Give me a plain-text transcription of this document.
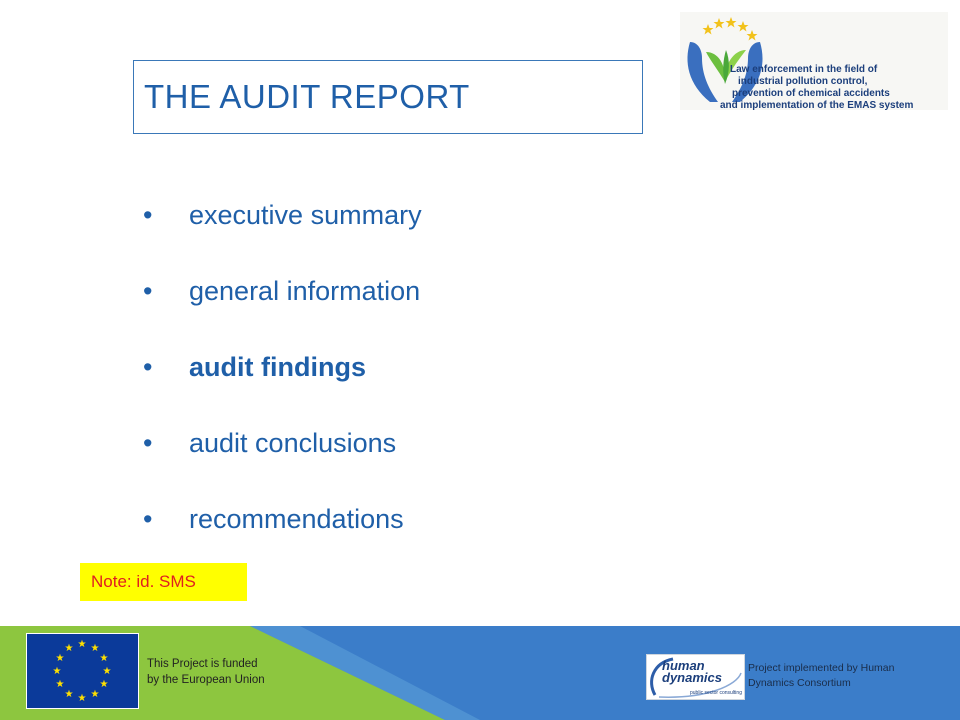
THE AUDIT REPORT
Law enforcement in the field of
industrial pollution control,
prevention of chemical accidents
and implementation of the EMAS system
• executive summary
• general information
• audit findings
• audit conclusions
• recommendations
Note: id. SMS
★ ★
★
★
★
★
★
★
★
★
★
★
This Project is funded
by the European Union
human
dynamics
public sector consulting
Project implemented by Human
Dynamics Consortium
